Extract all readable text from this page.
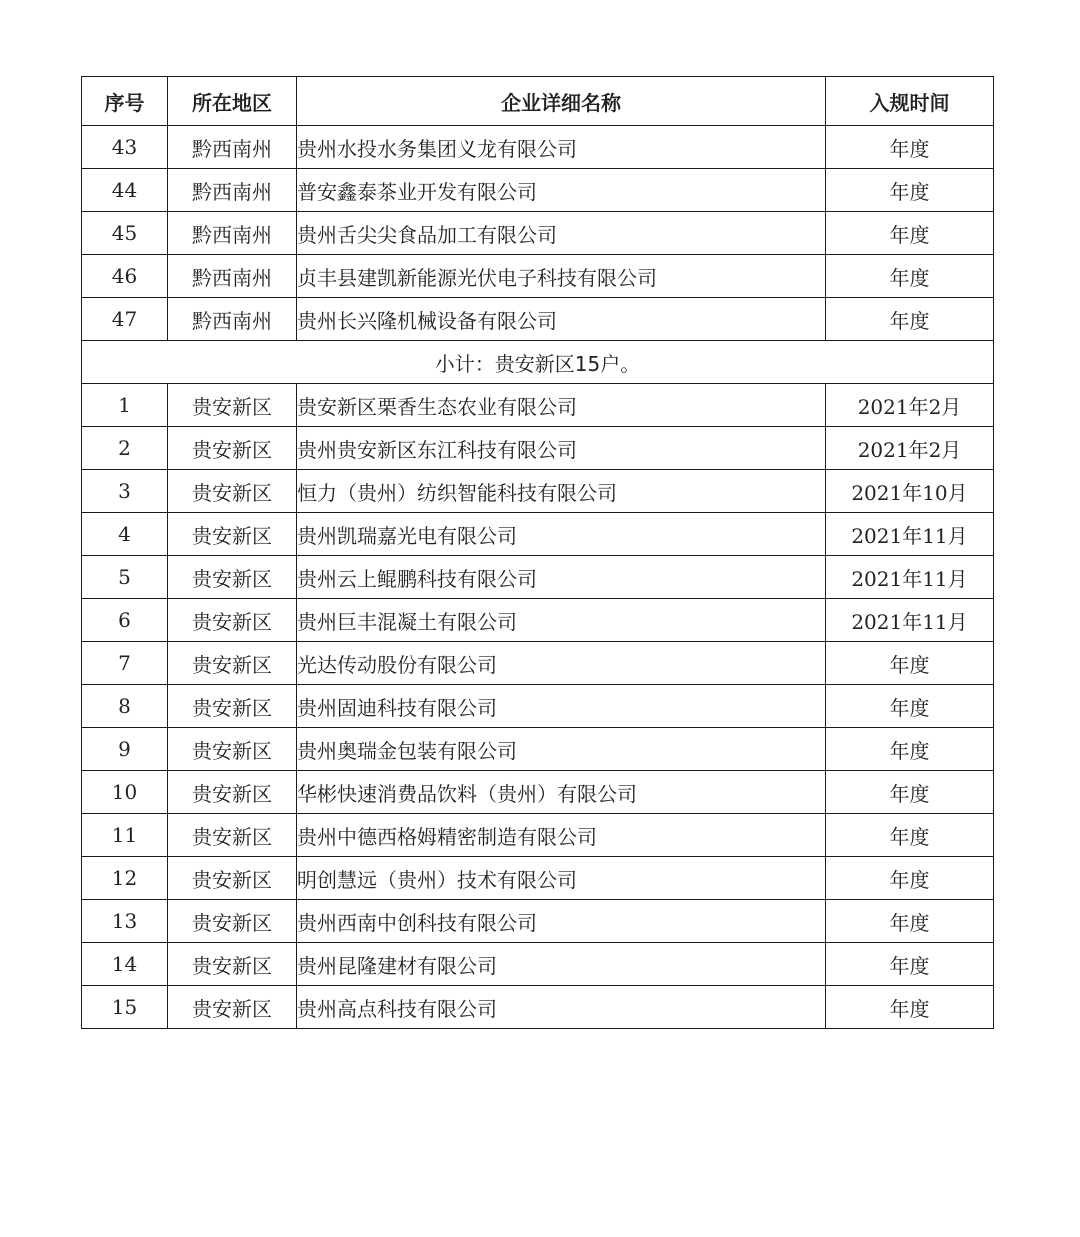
序号	所在地区	企业详细名称	入规时间
43	黔西南州	贵州水投水务集团义龙有限公司	年度
44	黔西南州	普安鑫泰茶业开发有限公司	年度
45	黔西南州	贵州舌尖尖食品加工有限公司	年度
46	黔西南州	贞丰县建凯新能源光伏电子科技有限公司	年度
47	黔西南州	贵州长兴隆机械设备有限公司	年度
小计：贵安新区15户。			
1	贵安新区	贵安新区栗香生态农业有限公司	2021年2月
2	贵安新区	贵州贵安新区东江科技有限公司	2021年2月
3	贵安新区	恒力（贵州）纺织智能科技有限公司	2021年10月
4	贵安新区	贵州凯瑞嘉光电有限公司	2021年11月
5	贵安新区	贵州云上鲲鹏科技有限公司	2021年11月
6	贵安新区	贵州巨丰混凝土有限公司	2021年11月
7	贵安新区	光达传动股份有限公司	年度
8	贵安新区	贵州固迪科技有限公司	年度
9	贵安新区	贵州奥瑞金包装有限公司	年度
10	贵安新区	华彬快速消费品饮料（贵州）有限公司	年度
11	贵安新区	贵州中德西格姆精密制造有限公司	年度
12	贵安新区	明创慧远（贵州）技术有限公司	年度
13	贵安新区	贵州西南中创科技有限公司	年度
14	贵安新区	贵州昆隆建材有限公司	年度
15	贵安新区	贵州高点科技有限公司	年度
